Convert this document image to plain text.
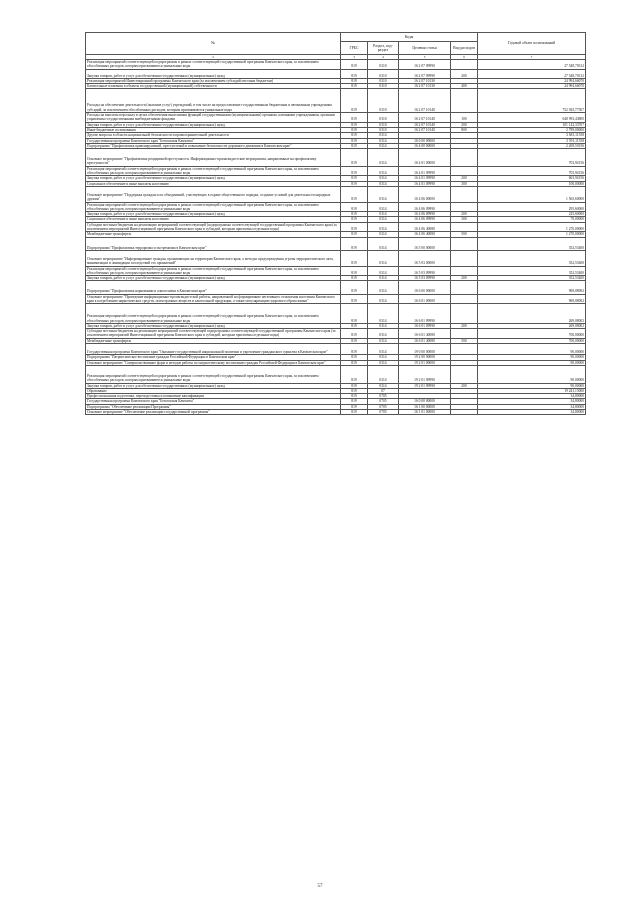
№	Коды				Годовой объем ассигнований
	ГРБС	Раздел, под-раздел	Целевая статья	Вид расходов	
2	3	4	5	6	7
Реализация мероприятий соответствующей подпрограммы в рамках соответствующей государственной программы Камчатского края, за исключением обособленных расходов, которым присваиваются уникальные коды	819	0310	16 2 07 09990		27 548,70312
Закупка товаров, работ и услуг для обеспечения государственных (муниципальных) нужд	819	0310	16 2 07 09990	200	27 548,70312
Реализация мероприятий Инвестиционной программы Камчатского края (за исключением субсидий местным бюджетам)	819	0310	16 2 07 10130		24 994,66070
Капитальные вложения в объекты государственной (муниципальной) собственности	819	0310	16 2 07 10130	400	24 994,66070
Расходы на обеспечение деятельности (оказание услуг) учреждений, в том числе на предоставление государственным бюджетным и автономным учреждениям субсидий, за исключением обособленных расходов, которым присваиваются уникальные коды	819	0310	16 2 07 10140		752 925,77507
Расходы на выплаты персоналу в целях обеспечения выполнения функций государственными (муниципальными) органами, казенными учреждениями, органами управления государственными внебюджетными фондами	819	0310	16 2 07 10140	100	648 993,43800
Закупка товаров, работ и услуг для обеспечения государственных (муниципальных) нужд	819	0310	16 2 07 10140	200	101 142,33707
Иные бюджетные ассигнования	819	0310	16 2 07 10140	800	2 789,00000
Другие вопросы в области национальной безопасности и правоохранительной деятельности	819	0314			3 681,11558
Государственная программа Камчатского края "Безопасная Камчатка"	819	0314	16 0 00 00000		3 591,11558
Подпрограмма "Профилактика правонарушений, преступлений и повышение безопасности дорожного движения в Камчатском крае"	819	0314	16 4 00 00000		2 269,50156
Основное мероприятие "Профилактика рецидивной преступности. Информационно-пропагандистские мероприятия, направленные на профилактику преступности"	819	0314	16 4 01 00000		703,94156
Реализация мероприятий соответствующей подпрограммы в рамках соответствующей государственной программы Камчатского края, за исключением обособленных расходов, которым присваиваются уникальные коды	819	0314	16 4 01 09990		703,94156
Закупка товаров, работ и услуг для обеспечения государственных (муниципальных) нужд	819	0314	16 4 01 09990	200	603,94156
Социальное обеспечение и иные выплаты населению	819	0314	16 4 01 09990	300	100,00000
Основное мероприятие "Поддержка граждан и их объединений, участвующих в охране общественного порядка, создание условий для деятельности народных дружин"	819	0314	16 4 06 00000		1 565,60000
Реализация мероприятий соответствующей подпрограммы в рамках соответствующей государственной программы Камчатского края, за исключением обособленных расходов, которым присваиваются уникальные коды	819	0314	16 4 06 09990		295,60000
Закупка товаров, работ и услуг для обеспечения государственных (муниципальных) нужд	819	0314	16 4 06 09990	200	225,60000
Социальное обеспечение и иные выплаты населению	819	0314	16 4 06 09990	300	70,00000
Субсидии местным бюджетам на реализацию мероприятий соответствующей (подпрограммы соответствующей государственной программы Камчатского края (за исключением мероприятий Инвестиционной программы Камчатского края и субсидий, которым присвоены отдельные коды)	819	0314	16 4 06 40080		1 270,00000
Межбюджетные трансферты	819	0314	16 4 06 40080	500	1 270,00000
Подпрограмма "Профилактика терроризма и экстремизма в Камчатском крае"	819	0314	16 5 00 00000		352,53400
Основное мероприятие "Информирование граждан, проживающих на территории Камчатского края, о методах предупреждения угрозы террористического акта, минимизации и ликвидации последствий его проявлений"	819	0314	16 5 03 00000		352,53400
Реализация мероприятий соответствующей подпрограммы в рамках соответствующей государственной программы Камчатского края, за исключением обособленных расходов, которым присваиваются уникальные коды	819	0314	16 5 03 09990		352,53400
Закупка товаров, работ и услуг для обеспечения государственных (муниципальных) нужд	819	0314	16 5 03 09990	200	352,53400
Подпрограмма "Профилактика наркомании и алкоголизма в Камчатском крае"	819	0314	16 6 00 00000		969,08002
Основное мероприятие "Проведение информационно-пропагандистской работы, направленной на формирование негативного отношения населения Камчатского края к потреблению наркотических средств, психотропных веществ и алкогольной продукции, а также популяризацию здорового образа жизни"	819	0314	16 6 01 00000		969,08002
Реализация мероприятий соответствующей подпрограммы в рамках соответствующей государственной программы Камчатского края, за исключением обособленных расходов, которым присваиваются уникальные коды	819	0314	16 6 01 09990		269,08002
Закупка товаров, работ и услуг для обеспечения государственных (муниципальных) нужд	819	0314	16 6 01 09990	200	269,08002
Субсидии местным бюджетам на реализацию мероприятий соответствующей подпрограммы соответствующей государственной программы Камчатского края (за исключением мероприятий Инвестиционной программы Камчатского края и субсидий, которым присвоены отдельные коды)	819	0314	16 6 01 40080		700,00000
Межбюджетные трансферты	819	0314	16 6 01 40080	500	700,00000
Государственная программа Камчатского края "Оказание государственной национальной политики и укрепление гражданского единства в Камчатском крае"	819	0314	19 0 00 00000		90,00000
Подпрограмма "Патриотическое воспитание граждан Российской Федерации в Камчатском крае"	819	0314	19 2 00 00000		90,00000
Основное мероприятие "Совершенствование форм и методов работы по патриотическому воспитанию граждан Российской Федерации в Камчатском крае"	819	0314	19 2 01 00000		90,00000
Реализация мероприятий соответствующей подпрограммы в рамках соответствующей государственной программы Камчатского края, за исключением обособленных расходов, которым присваиваются уникальные коды	819	0314	19 2 01 09990		90,00000
Закупка товаров, работ и услуг для обеспечения государственных (муниципальных) нужд	819	0314	19 2 01 09990	200	90,00000
Образование	819	07			19 241,15000
Профессиональная подготовка, переподготовка и повышение квалификации	819	0705			34,80000
Государственная программа Камчатского края "Безопасная Камчатка"	819	0705	16 0 00 00000		34,80000
Подпрограмма "Обеспечение реализации Программы"	819	0705	16 1 00 00000		34,80000
Основное мероприятие "Обеспечение реализации государственной программы"	819	0705	16 1 01 00000		34,80000
57
